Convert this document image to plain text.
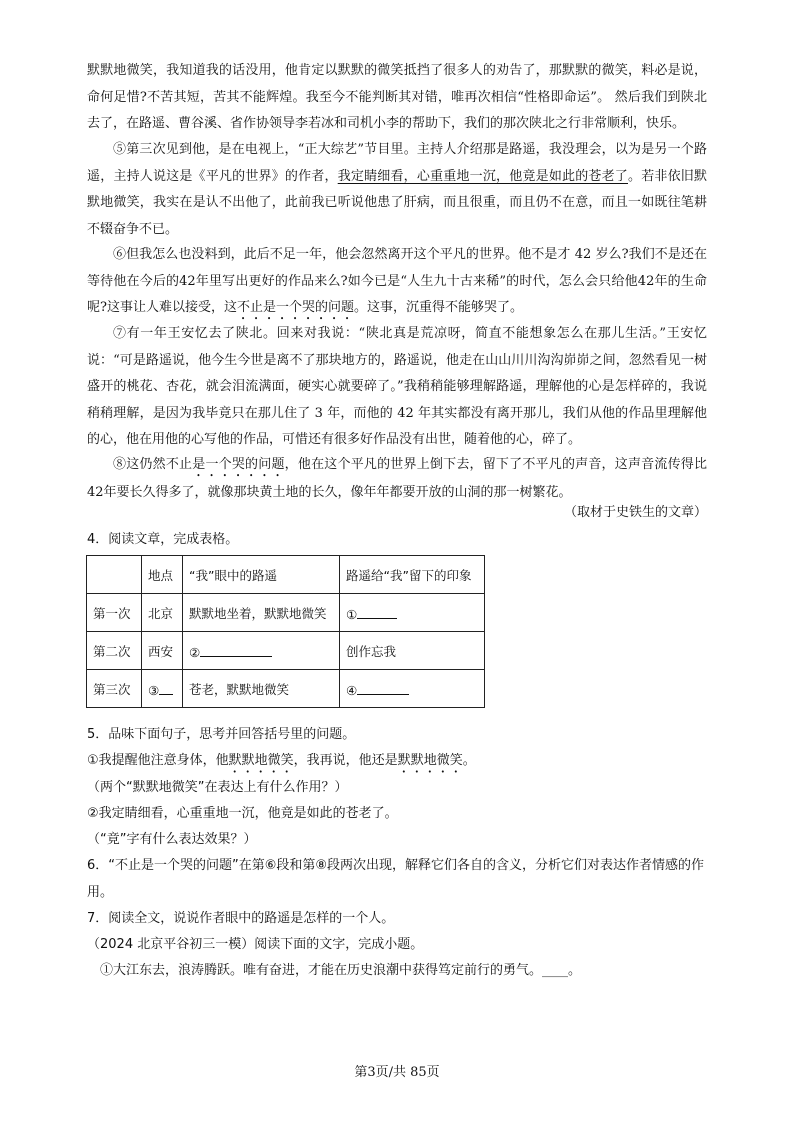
默默地微笑，我知道我的话没用，他肯定以默默的微笑抵挡了很多人的劝告了，那默默的微笑，料必是说，命何足惜?不苦其短，苦其不能辉煌。我至今不能判断其对错，唯再次相信“性格即命运”。 然后我们到陕北去了，在路遥、曹谷溪、省作协领导李若冰和司机小李的帮助下，我们的那次陕北之行非常顺利，快乐。

⑤第三次见到他，是在电视上，“正大综艺”节目里。主持人介绍那是路遥，我没理会，以为是另一个路遥，主持人说这是《平凡的世界》的作者，我定睛细看，心重重地一沉，他竟是如此的苍老了。若非依旧默默地微笑，我实在是认不出他了，此前我已听说他患了肝病，而且很重，而且仍不在意，而且一如既往笔耕不辍奋争不已。

⑥但我怎么也没料到，此后不足一年，他会忽然离开这个平凡的世界。他不是才 42 岁么?我们不是还在等待他在今后的42年里写出更好的作品来么?如今已是“人生九十古来稀”的时代，怎么会只给他42年的生命呢?这事让人难以接受，这不止是一个哭的问题。这事，沉重得不能够哭了。

⑦有一年王安忆去了陕北。回来对我说：“陕北真是荒凉呀，简直不能想象怎么在那儿生活。”王安忆说：“可是路遥说，他今生今世是离不了那块地方的，路遥说，他走在山山川川沟沟峁峁之间，忽然看见一树盛开的桃花、杏花，就会泪流满面，硬实心就要碎了。”我稍稍能够理解路遥，理解他的心是怎样碎的，我说稍稍理解，是因为我毕竟只在那儿住了 3 年，而他的 42 年其实都没有离开那儿，我们从他的作品里理解他的心，他在用他的心写他的作品，可惜还有很多好作品没有出世，随着他的心，碎了。

⑧这仍然不止是一个哭的问题，他在这个平凡的世界上倒下去，留下了不平凡的声音，这声音流传得比42年要长久得多了，就像那块黄土地的长久，像年年都要开放的山洞的那一树繁花。

（取材于史铁生的文章）

4．阅读文章，完成表格。

	地点	“我”眼中的路遥	路遥给“我”留下的印象
第一次	北京	默默地坐着，默默地微笑	①
第二次	西安	②	创作忘我
第三次	③	苍老，默默地微笑	④

5．品味下面句子，思考并回答括号里的问题。

①我提醒他注意身体，他默默地微笑，我再说，他还是默默地微笑。

（两个“默默地微笑”在表达上有什么作用？）

②我定睛细看，心重重地一沉，他竟是如此的苍老了。

（“竟”字有什么表达效果？）

6．“不止是一个哭的问题”在第⑥段和第⑧段两次出现，解释它们各自的含义，分析它们对表达作者情感的作用。

7．阅读全文，说说作者眼中的路遥是怎样的一个人。

（2024 北京平谷初三一模）阅读下面的文字，完成小题。

①大江东去，浪涛腾跃。唯有奋进，才能在历史浪潮中获得笃定前行的勇气。____。

第3页/共 85页
